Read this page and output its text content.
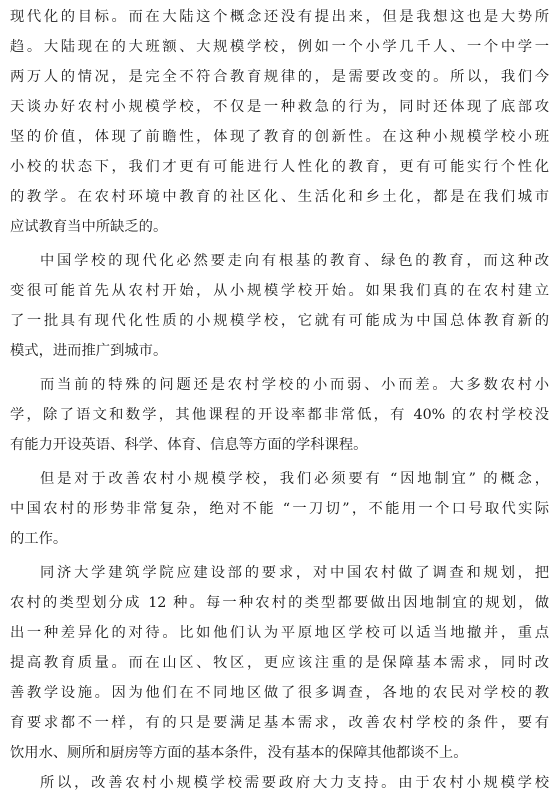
现代化的目标。而在大陆这个概念还没有提出来，但是我想这也是大势所
趋。大陆现在的大班额、大规模学校，例如一个小学几千人、一个中学一
两万人的情况，是完全不符合教育规律的，是需要改变的。所以，我们今
天谈办好农村小规模学校，不仅是一种救急的行为，同时还体现了底部攻
坚的价值，体现了前瞻性，体现了教育的创新性。在这种小规模学校小班
小校的状态下，我们才更有可能进行人性化的教育，更有可能实行个性化
的教学。在农村环境中教育的社区化、生活化和乡土化，都是在我们城市
应试教育当中所缺乏的。
中国学校的现代化必然要走向有根基的教育、绿色的教育，而这种改
变很可能首先从农村开始，从小规模学校开始。如果我们真的在农村建立
了一批具有现代化性质的小规模学校，它就有可能成为中国总体教育新的
模式，进而推广到城市。
而当前的特殊的问题还是农村学校的小而弱、小而差。大多数农村小
学，除了语文和数学，其他课程的开设率都非常低，有 40% 的农村学校没
有能力开设英语、科学、体育、信息等方面的学科课程。
但是对于改善农村小规模学校，我们必须要有 “因地制宜” 的概念，
中国农村的形势非常复杂，绝对不能 “一刀切”，不能用一个口号取代实际
的工作。
同济大学建筑学院应建设部的要求，对中国农村做了调查和规划，把
农村的类型划分成 12 种。每一种农村的类型都要做出因地制宜的规划，做
出一种差异化的对待。比如他们认为平原地区学校可以适当地撤并，重点
提高教育质量。而在山区、牧区，更应该注重的是保障基本需求，同时改
善教学设施。因为他们在不同地区做了很多调查，各地的农民对学校的教
育要求都不一样，有的只是要满足基本需求，改善农村学校的条件，要有
饮用水、厕所和厨房等方面的基本条件，没有基本的保障其他都谈不上。
所以，改善农村小规模学校需要政府大力支持。由于农村小规模学校
